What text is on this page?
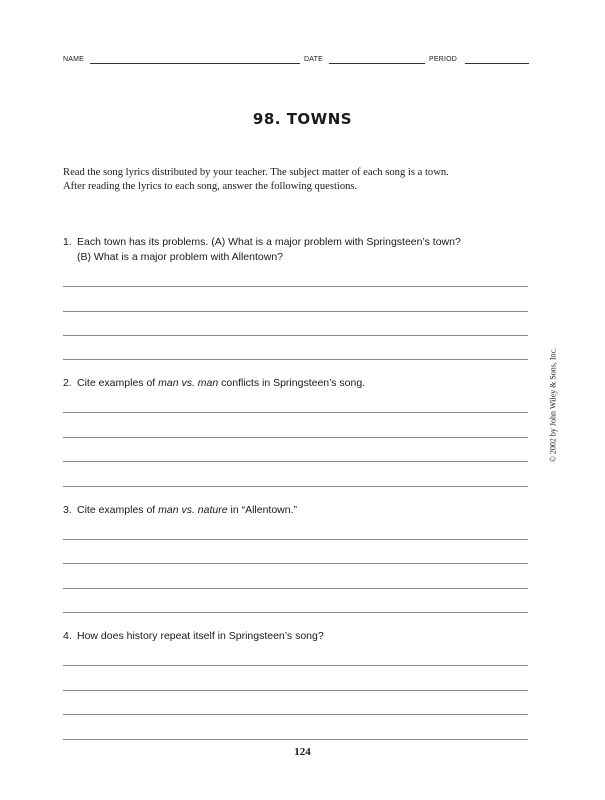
NAME	DATE	PERIOD
98. TOWNS

Read the song lyrics distributed by your teacher. The subject matter of each song is a town.

After reading the lyrics to each song, answer the following questions.

1. Each town has its problems. (A) What is a major problem with Springsteen’s town?
(B) What is a major problem with Allentown?
2. Cite examples of man vs. man conflicts in Springsteen’s song.
3. Cite examples of man vs. nature in “Allentown.”
4. How does history repeat itself in Springsteen’s song?
© 2002 by John Wiley & Sons, Inc.
124
